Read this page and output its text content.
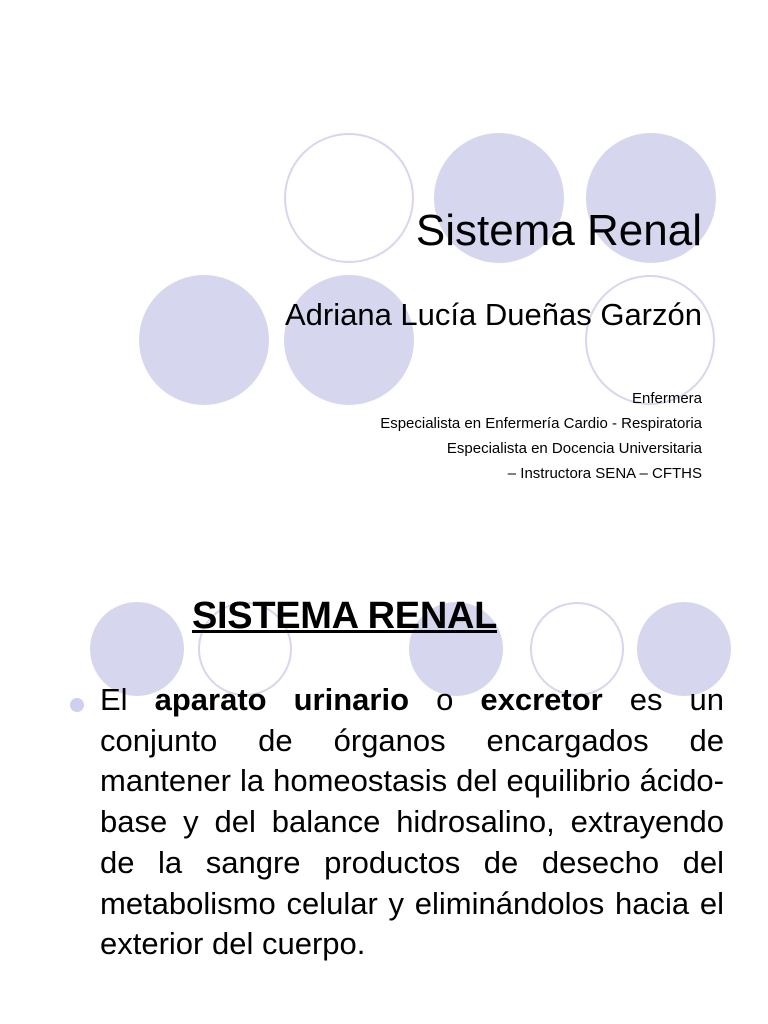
Sistema Renal

Adriana Lucía Dueñas Garzón

Enfermera
Especialista en Enfermería Cardio - Respiratoria
Especialista en Docencia Universitaria
– Instructora SENA – CFTHS
SISTEMA RENAL

El aparato urinario o excretor es un conjunto de órganos encargados de mantener la homeostasis del equilibrio ácido-base y del balance hidrosalino, extrayendo de la sangre productos de desecho del metabolismo celular y eliminándolos hacia el exterior del cuerpo.
